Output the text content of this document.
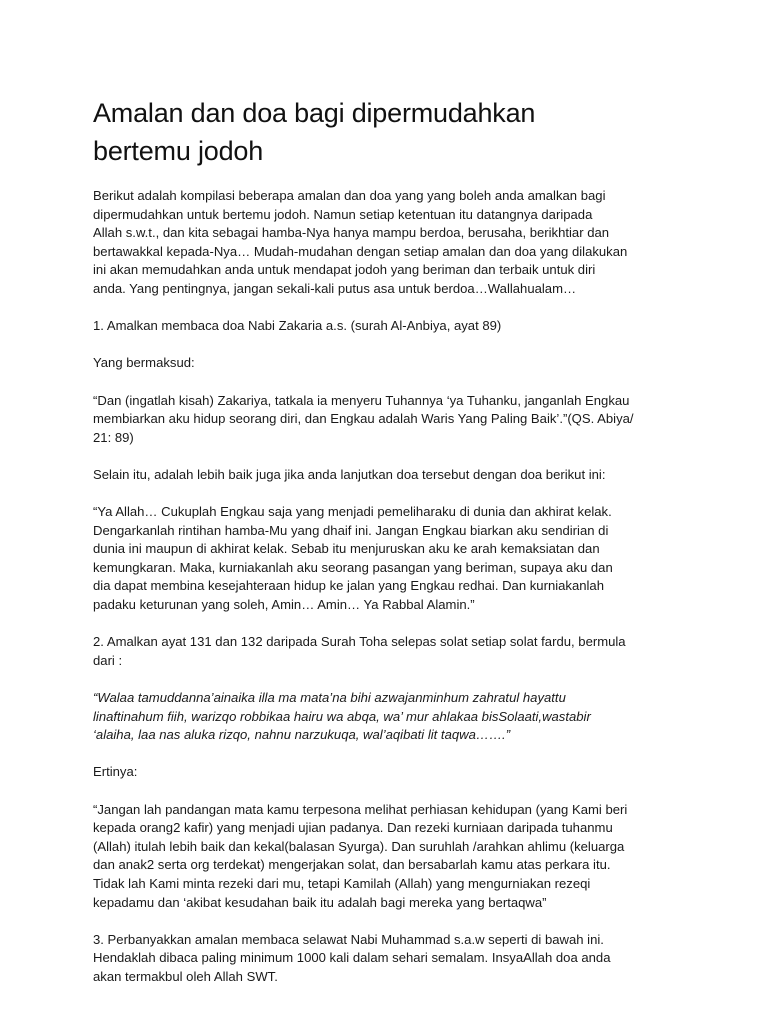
Amalan dan doa bagi dipermudahkan
bertemu jodoh

Berikut adalah kompilasi beberapa amalan dan doa yang yang boleh anda amalkan bagi
dipermudahkan untuk bertemu jodoh. Namun setiap ketentuan itu datangnya daripada
Allah s.w.t., dan kita sebagai hamba-Nya hanya mampu berdoa, berusaha, berikhtiar dan
bertawakkal kepada-Nya… Mudah-mudahan dengan setiap amalan dan doa yang dilakukan
ini akan memudahkan anda untuk mendapat jodoh yang beriman dan terbaik untuk diri
anda. Yang pentingnya, jangan sekali-kali putus asa untuk berdoa…Wallahualam…

1. Amalkan membaca doa Nabi Zakaria a.s. (surah Al-Anbiya, ayat 89)

Yang bermaksud:

“Dan (ingatlah kisah) Zakariya, tatkala ia menyeru Tuhannya ‘ya Tuhanku, janganlah Engkau
membiarkan aku hidup seorang diri, dan Engkau adalah Waris Yang Paling Baik’.”(QS. Abiya/
21: 89)

Selain itu, adalah lebih baik juga jika anda lanjutkan doa tersebut dengan doa berikut ini:

“Ya Allah… Cukuplah Engkau saja yang menjadi pemeliharaku di dunia dan akhirat kelak.
Dengarkanlah rintihan hamba-Mu yang dhaif ini. Jangan Engkau biarkan aku sendirian di
dunia ini maupun di akhirat kelak. Sebab itu menjuruskan aku ke arah kemaksiatan dan
kemungkaran. Maka, kurniakanlah aku seorang pasangan yang beriman, supaya aku dan
dia dapat membina kesejahteraan hidup ke jalan yang Engkau redhai. Dan kurniakanlah
padaku keturunan yang soleh, Amin… Amin… Ya Rabbal Alamin.”

2. Amalkan ayat 131 dan 132 daripada Surah Toha selepas solat setiap solat fardu, bermula
dari :

“Walaa tamuddanna’ainaika illa ma mata’na bihi azwajanminhum zahratul hayattu
linaftinahum fiih, warizqo robbikaa hairu wa abqa, wa’ mur ahlakaa bisSolaati,wastabir
‘alaiha, laa nas aluka rizqo, nahnu narzukuqa, wal’aqibati lit taqwa…….”

Ertinya:

“Jangan lah pandangan mata kamu terpesona melihat perhiasan kehidupan (yang Kami beri
kepada orang2 kafir) yang menjadi ujian padanya. Dan rezeki kurniaan daripada tuhanmu
(Allah) itulah lebih baik dan kekal(balasan Syurga). Dan suruhlah /arahkan ahlimu (keluarga
dan anak2 serta org terdekat) mengerjakan solat, dan bersabarlah kamu atas perkara itu.
Tidak lah Kami minta rezeki dari mu, tetapi Kamilah (Allah) yang mengurniakan rezeqi
kepadamu dan ‘akibat kesudahan baik itu adalah bagi mereka yang bertaqwa”

3. Perbanyakkan amalan membaca selawat Nabi Muhammad s.a.w seperti di bawah ini.
Hendaklah dibaca paling minimum 1000 kali dalam sehari semalam. InsyaAllah doa anda
akan termakbul oleh Allah SWT.
